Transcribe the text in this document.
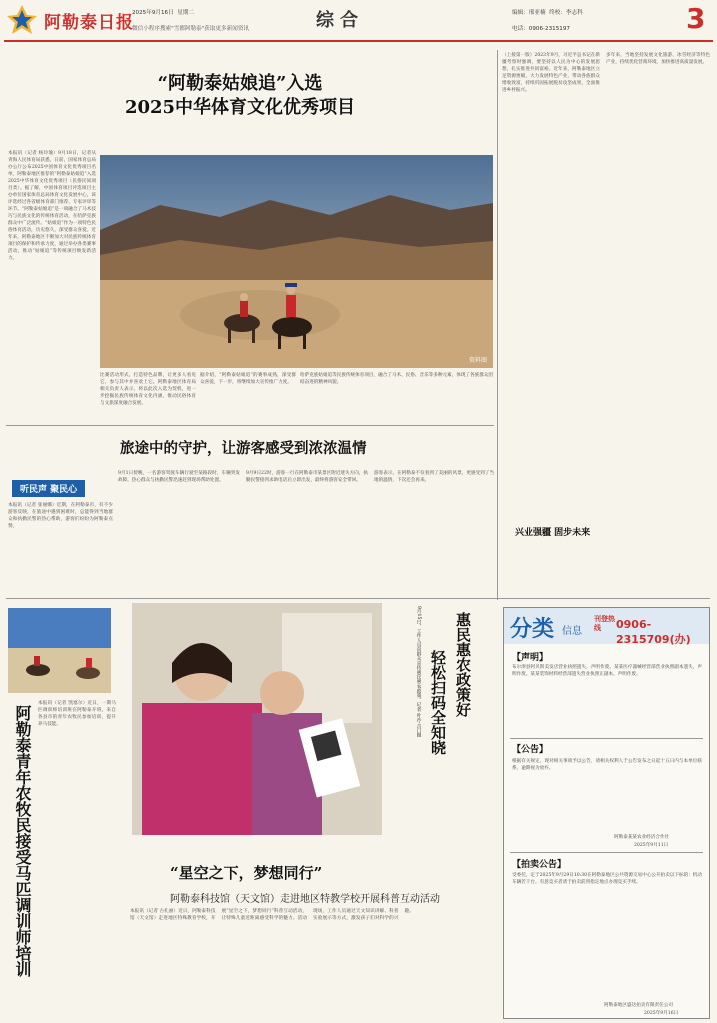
阿勒泰日报
2025年9月16日 星期二
微信小程序搜索"雪都阿勒泰"获取更多新闻资讯	综合	编辑：邢亚楠 终校：李志科
电话：0906-2315197	3
“阿勒泰姑娘追”入选
2025中华体育文化优秀项目
本报讯（记者 杨玲瑜）9月18日，记者从青海人民体育局获悉，日前，国家体育总局办公厅公布2025中国体育文化优秀项目名单，阿勒泰地区推荐的“阿勒泰姑娘追”入选2025中华体育文化优秀项目（民俗民间项目类）。据了解，中国体育项目评选项目主办单位国家体育总局体育文化发展中心，该评选经过各省级体育部门推荐、专家评审等环节。“阿勒泰姑娘追”是一项融合了马术技巧与民族文化的传统体育活动，在哈萨克族群众中广泛流传。“姑娘追”作为一项特色民俗体育活动，历史悠久，深受群众喜爱。近年来，阿勒泰地区不断加大对民族传统体育项目的保护和传承力度，通过举办各类赛事活动，推动“姑娘追”等传统项目焕发新活力。
资料图
比赛活动形式，打造特色品牌，让更多人看见它、参与其中并喜欢上它。阿勒泰地区体育局相关负责人表示，将以此次入选为契机，进一步挖掘民族传统体育文化内涵，推动民俗体育与文旅深度融合发展。
据介绍，“阿勒泰姑娘追”的赛事成熟，深受群众喜爱，下一步，将继续加大宣传推广力度。
哈萨克族姑娘追等民族传统体育项目，融合了马术、民俗、音乐等多种元素，体现了各族群众团结奋进的精神风貌。
旅途中的守护，让游客感受到浓浓温情
听民声 聚民心
本报讯（记者 张丽娜）近期，在阿勒泰市，有不少游客反映，在旅途中遇到困难时，总能得到当地群众和执勤民警的热心帮助，游客们纷纷为阿勒泰点赞。
9月1日傍晚，一名游客驾驶车辆行驶至某路段时，车辆突发故障，热心群众与执勤民警迅速赶到现场帮助处置。
9月9日22时，游客一行在阿勒泰市某景区附近迷失方向，执勤民警接到求助电话后立即出发，最终将游客安全带回。
游客表示，在阿勒泰不仅看到了美丽的风景，更感受到了当地的温情，下次还会再来。
（上接第一版）2023年9月，习近平总书记在新疆考察时强调，要坚持以人民为中心的发展思想，扎实推进共同富裕。近年来，阿勒泰地区立足资源禀赋，大力发展特色产业，带动各族群众增收致富，持续巩固拓展脱贫攻坚成果，全面推进乡村振兴。
多年来，当地坚持发展文化旅游、冰雪经济等特色产业，持续优化营商环境，加快推进高质量发展。
兴业强疆 固步未来
阿勒泰青年农牧民接受马匹调训师培训
本报讯（记者 凯塞尔）近日，一期马匹调训师培训班在阿勒泰开班，来自各县市的青年农牧民参加培训，提升养马技能。
惠民惠农政策好
轻松扫码全知晓
9月15日，工作人员向群众宣传惠民惠农政策。记者 叶沙·吉门摄
“星空之下，梦想同行”
阿勒泰科技馆（天文馆）走进地区特教学校开展科普互动活动
本报讯（记者 古扎丽）近日，阿勒泰科技馆（天文馆）走进地区特殊教育学校，开展“星空之下，梦想同行”科普互动活动，让特殊儿童近距离感受科学的魅力。活动现场，工作人员通过天文知识讲解、科普实验展示等方式，激发孩子们对科学的兴趣。
分类 信息
刊登热线	0906-2315709(办)
【声明】
布尔津县阿贝斯美发店营业执照遗失，声明作废。某某医疗器械经营部营业执照副本遗失，声明作废。某某装饰材料经营部遗失营业执照正副本，声明作废。
【公告】
根据有关规定，现对相关事项予以公告，请相关权利人于公告发布之日起十五日内与本单位联系，逾期视为放弃。
阿勒泰某某农业经济合作社
2025年9月11日
【拍卖公告】
受委托，定于2025年9月29日10:30在阿勒泰地区公共资源交易中心公开拍卖以下标的：机动车辆若干台。有意竞买者请于拍卖前到指定地点办理竞买手续。
阿勒泰地区盛达拍卖有限责任公司
2025年9月16日
